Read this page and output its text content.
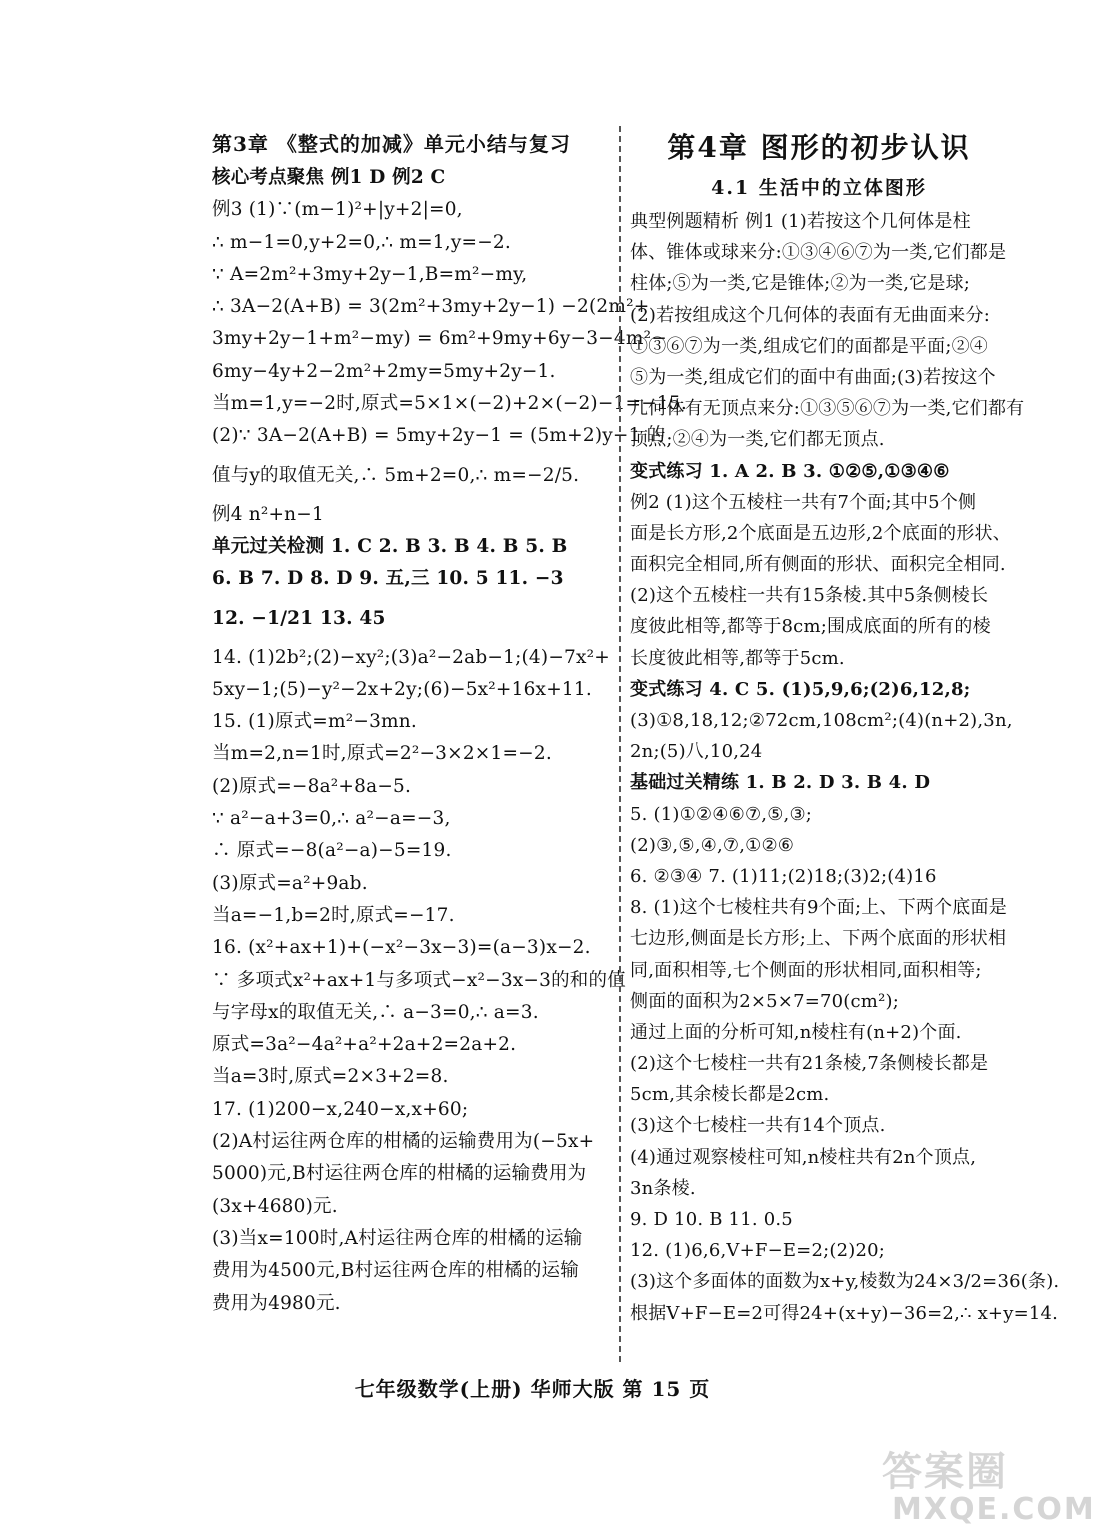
第3章 《整式的加减》单元小结与复习
核心考点聚焦 例1 D 例2 C
例3 (1)∵(m−1)²+|y+2|=0,
∴ m−1=0,y+2=0,∴ m=1,y=−2.
∵ A=2m²+3my+2y−1,B=m²−my,
∴ 3A−2(A+B) = 3(2m²+3my+2y−1) −2(2m²+
3my+2y−1+m²−my) = 6m²+9my+6y−3−4m²−
6my−4y+2−2m²+2my=5my+2y−1.
当m=1,y=−2时,原式=5×1×(−2)+2×(−2)−1=−15.
(2)∵ 3A−2(A+B) = 5my+2y−1 = (5m+2)y−1 的
值与y的取值无关,∴ 5m+2=0,∴ m=−2/5.
例4 n²+n−1
单元过关检测 1. C 2. B 3. B 4. B 5. B
6. B 7. D 8. D 9. 五,三 10. 5 11. −3
12. −1/21 13. 45
14. (1)2b²;(2)−xy²;(3)a²−2ab−1;(4)−7x²+
5xy−1;(5)−y²−2x+2y;(6)−5x²+16x+11.
15. (1)原式=m²−3mn.
当m=2,n=1时,原式=2²−3×2×1=−2.
(2)原式=−8a²+8a−5.
∵ a²−a+3=0,∴ a²−a=−3,
∴ 原式=−8(a²−a)−5=19.
(3)原式=a²+9ab.
当a=−1,b=2时,原式=−17.
16. (x²+ax+1)+(−x²−3x−3)=(a−3)x−2.
∵ 多项式x²+ax+1与多项式−x²−3x−3的和的值
与字母x的取值无关,∴ a−3=0,∴ a=3.
原式=3a²−4a²+a²+2a+2=2a+2.
当a=3时,原式=2×3+2=8.
17. (1)200−x,240−x,x+60;
(2)A村运往两仓库的柑橘的运输费用为(−5x+
5000)元,B村运往两仓库的柑橘的运输费用为
(3x+4680)元.
(3)当x=100时,A村运往两仓库的柑橘的运输
费用为4500元,B村运往两仓库的柑橘的运输
费用为4980元.
第4章 图形的初步认识
4.1 生活中的立体图形
典型例题精析 例1 (1)若按这个几何体是柱
体、锥体或球来分:①③④⑥⑦为一类,它们都是
柱体;⑤为一类,它是锥体;②为一类,它是球;
(2)若按组成这个几何体的表面有无曲面来分:
①③⑥⑦为一类,组成它们的面都是平面;②④
⑤为一类,组成它们的面中有曲面;(3)若按这个
几何体有无顶点来分:①③⑤⑥⑦为一类,它们都有
顶点;②④为一类,它们都无顶点.
变式练习 1. A 2. B 3. ①②⑤,①③④⑥
例2 (1)这个五棱柱一共有7个面;其中5个侧
面是长方形,2个底面是五边形,2个底面的形状、
面积完全相同,所有侧面的形状、面积完全相同.
(2)这个五棱柱一共有15条棱.其中5条侧棱长
度彼此相等,都等于8cm;围成底面的所有的棱
长度彼此相等,都等于5cm.
变式练习 4. C 5. (1)5,9,6;(2)6,12,8;
(3)①8,18,12;②72cm,108cm²;(4)(n+2),3n,
2n;(5)八,10,24
基础过关精练 1. B 2. D 3. B 4. D
5. (1)①②④⑥⑦,⑤,③;
(2)③,⑤,④,⑦,①②⑥
6. ②③④ 7. (1)11;(2)18;(3)2;(4)16
8. (1)这个七棱柱共有9个面;上、下两个底面是
七边形,侧面是长方形;上、下两个底面的形状相
同,面积相等,七个侧面的形状相同,面积相等;
侧面的面积为2×5×7=70(cm²);
通过上面的分析可知,n棱柱有(n+2)个面.
(2)这个七棱柱一共有21条棱,7条侧棱长都是
5cm,其余棱长都是2cm.
(3)这个七棱柱一共有14个顶点.
(4)通过观察棱柱可知,n棱柱共有2n个顶点,
3n条棱.
9. D 10. B 11. 0.5
12. (1)6,6,V+F−E=2;(2)20;
(3)这个多面体的面数为x+y,棱数为24×3/2=36(条).
根据V+F−E=2可得24+(x+y)−36=2,∴ x+y=14.
七年级数学(上册) 华师大版 第 15 页
答案圈
MXQE.COM
